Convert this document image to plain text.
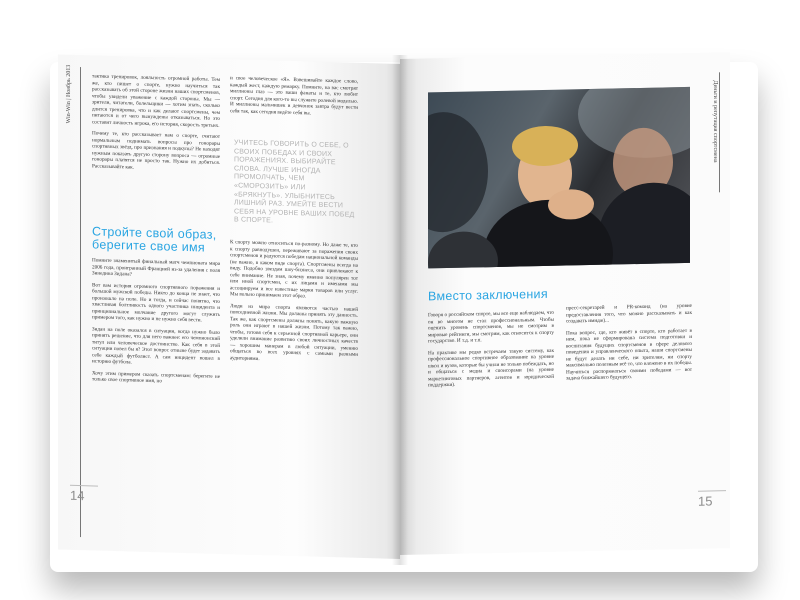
Win-Win | Ноябрь 2013	тактика тренировок, лояльность огромной работы. Тем же, кто пишет о спорте, нужно научиться так рассказывать об этой стороне жизни наших спортсменов, чтобы увидели уважение с каждой стороны. Мы — зрители, читатели, болельщики — хотим знать, сколько длится тренировка, что и как делают спортсмены, чем питаются и от чего вынуждены отказываться. Но это составит личность игрока, его история, скорость третьих.

Почему те, кто рассказывает нам о спорте, считают нормальным поднимать вопросы про гонорары спортивных звёзд, про признания и подкупы? Не находят нужным показать другую сторону вопроса — огромные гонорары платятся не просто так. Нужно их добиться. Рассказывайте как.

Стройте свой образ, берегите свое имя

Помните знаменитый финальный матч чемпионата мира 2006 года, проигранный Францией из-за удаления с поля Зинедина Зидана?

Вот вам история огромного спортивного поражения и большой мужской победы. Никто до конца не знает, что произошло на поле. Но и тогда, и сейчас понятно, что хвастливая болтливость одного участника инцидента и принципиальное молчание другого могут служить примером того, как нужно и не нужно себя вести.

Зидан на поле оказался в ситуации, когда нужно было принять решение, что для него важнее: его чемпионский титул или человеческое достоинство. Как себя в этой ситуации повел бы я? Этот вопрос отныне будет задавать себе каждый футболист. А сам инцидент вошел в историю футбола.

Хочу этим примером сказать спортсменам: берегите не только свое спортивное имя, но

и свое человеческое «Я». Взвешивайте каждое слово, каждый жест, каждую ремарку. Помните, на вас смотрят миллионы глаз — это ваши фанаты и те, кто любит спорт. Сегодня для кого-то вы служите ролевой моделью. И миллионы мальчишек и девчонок завтра будут вести себя так, как сегодня ведёте себя вы.

УЧИТЕСЬ ГОВОРИТЬ О СЕБЕ, О СВОИХ ПОБЕДАХ И СВОИХ ПОРАЖЕНИЯХ. ВЫБИРАЙТЕ СЛОВА. ЛУЧШЕ ИНОГДА ПРОМОЛЧАТЬ, ЧЕМ «СМОРОЗИТЬ» ИЛИ «БРЯКНУТЬ». УЛЫБНИТЕСЬ ЛИШНИЙ РАЗ. УМЕЙТЕ ВЕСТИ СЕБЯ НА УРОВНЕ ВАШИХ ПОБЕД В СПОРТЕ.

К спорту можно относиться по-разному. Но даже те, кто к спорту равнодушен, переживают за поражения своих спортсменов и радуются победам национальной команды (не важно, в каком виде спорта). Спортсмены всегда на виду. Подобно звездам шоу-бизнеса, они привлекают к себе внимание. Не зная, почему именно популярен тот или иной спортсмен, с их лицами и именами мы ассоциируем и все известные марки товаров или услуг. Мы вольно принимаем этот образ.

Люди из мира спорта являются частью нашей повседневной жизни. Мы должны принять эту данность. Так же, как спортсмены должны понять, какую важную роль они играют в нашей жизни. Потому так важно, чтобы, готовя себя к серьезной спортивной карьере, они уделили внимание развитию своих личностных качеств — хорошим манерам в любой ситуации, умению общаться во всех уровнях с самыми разными аудиториями.

14
Деньги и репутация спортсмена
Вместо заключения

Говоря о российском спорте, мы все еще наблюдаем, что он во многом не стал профессиональным. Чтобы оценить уровень спортсменов, мы не смотрим в мировые рейтинги, мы смотрим, как относится к спорту государство. И т.д. и т.п.

На практике мы редко встречаем такую систему, как профессиональное спортивное образование на уровне школ и вузов, которые бы учили не только побеждать, но и общаться с медиа и спонсорами (на уровне маркетинговых партнеров, агентов и юридической поддержки).

пресс-секретарей и PR-команд (на уровне предоставления того, что можно рассказывать и как создавать имидж)...

Пока вопрос, где, кто живёт в спорте, кто работает в нем, пока не сформирована система подготовки и воспитания будущих спортсменов в сфере делового поведения и управленческого опыта, наши спортсмены не будут делать ни себе, ни зрителям, ни спорту максимально полезным всё то, что вложено в их победы. Научиться распоряжаться своими победами — вот задача ближайшего будущего.

15
